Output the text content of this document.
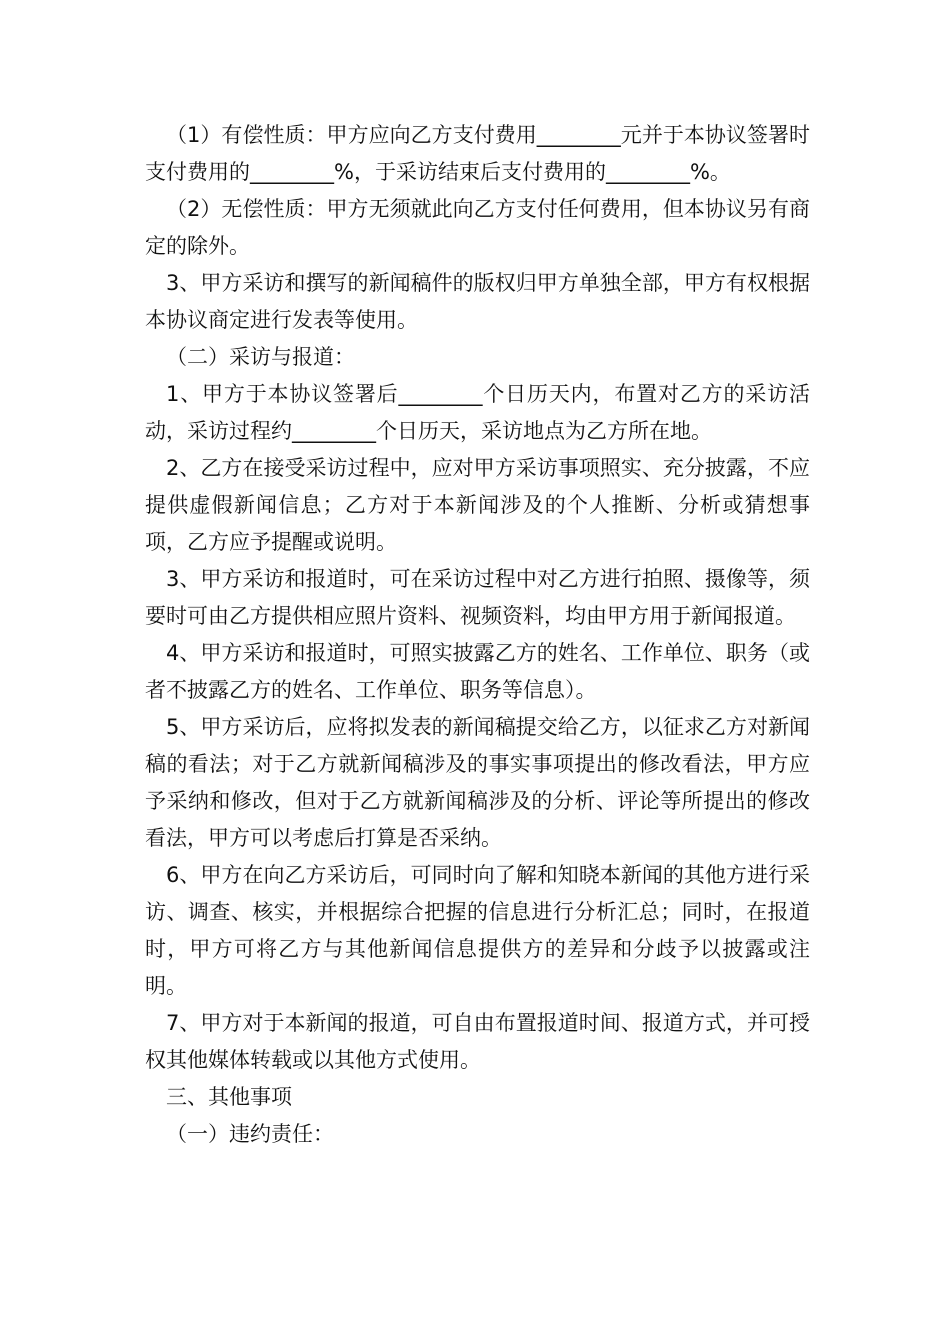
（1）有偿性质：甲方应向乙方支付费用________元并于本协议签署时支付费用的________%，于采访结束后支付费用的________%。

（2）无偿性质：甲方无须就此向乙方支付任何费用，但本协议另有商定的除外。

3、甲方采访和撰写的新闻稿件的版权归甲方单独全部，甲方有权根据本协议商定进行发表等使用。

（二）采访与报道：

1、甲方于本协议签署后________个日历天内，布置对乙方的采访活动，采访过程约________个日历天，采访地点为乙方所在地。

2、乙方在接受采访过程中，应对甲方采访事项照实、充分披露，不应提供虚假新闻信息；乙方对于本新闻涉及的个人推断、分析或猜想事项，乙方应予提醒或说明。

3、甲方采访和报道时，可在采访过程中对乙方进行拍照、摄像等，须要时可由乙方提供相应照片资料、视频资料，均由甲方用于新闻报道。

4、甲方采访和报道时，可照实披露乙方的姓名、工作单位、职务（或者不披露乙方的姓名、工作单位、职务等信息）。

5、甲方采访后，应将拟发表的新闻稿提交给乙方，以征求乙方对新闻稿的看法；对于乙方就新闻稿涉及的事实事项提出的修改看法，甲方应予采纳和修改，但对于乙方就新闻稿涉及的分析、评论等所提出的修改看法，甲方可以考虑后打算是否采纳。

6、甲方在向乙方采访后，可同时向了解和知晓本新闻的其他方进行采访、调查、核实，并根据综合把握的信息进行分析汇总；同时，在报道时，甲方可将乙方与其他新闻信息提供方的差异和分歧予以披露或注明。

7、甲方对于本新闻的报道，可自由布置报道时间、报道方式，并可授权其他媒体转载或以其他方式使用。

三、其他事项

（一）违约责任：
